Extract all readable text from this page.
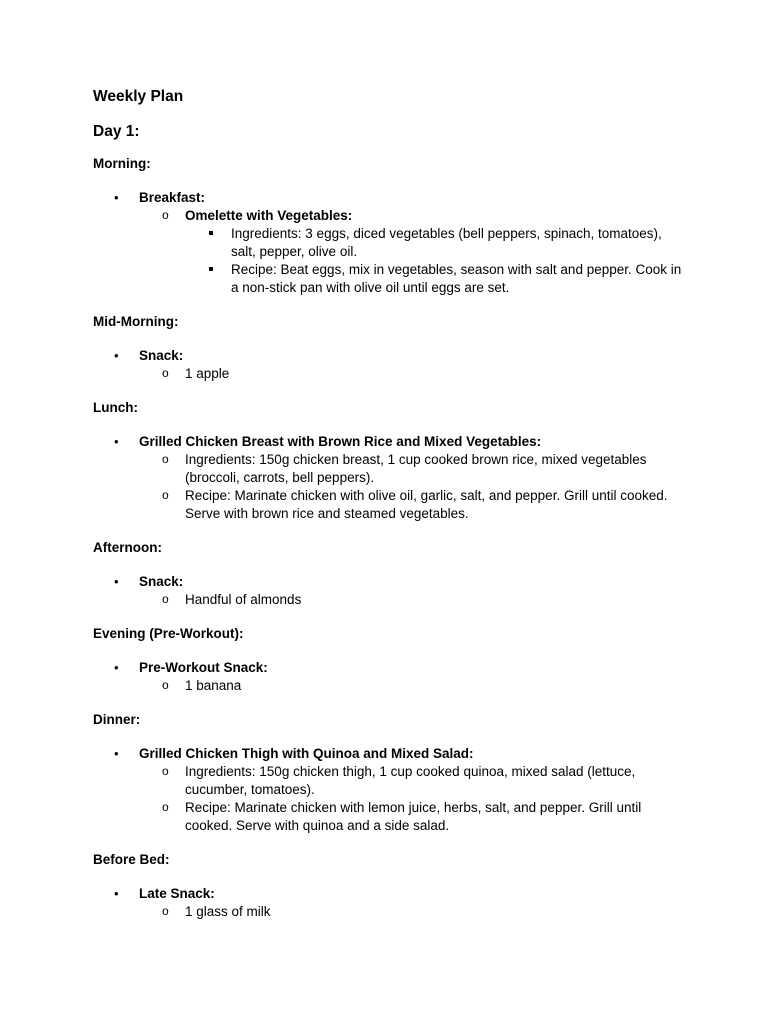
Weekly Plan
Day 1:
Morning:
• Breakfast:
o Omelette with Vegetables:
Ingredients: 3 eggs, diced vegetables (bell peppers, spinach, tomatoes), salt, pepper, olive oil.
Recipe: Beat eggs, mix in vegetables, season with salt and pepper. Cook in a non-stick pan with olive oil until eggs are set.
Mid-Morning:
• Snack:
o 1 apple
Lunch:
• Grilled Chicken Breast with Brown Rice and Mixed Vegetables:
o Ingredients: 150g chicken breast, 1 cup cooked brown rice, mixed vegetables (broccoli, carrots, bell peppers).
o Recipe: Marinate chicken with olive oil, garlic, salt, and pepper. Grill until cooked. Serve with brown rice and steamed vegetables.
Afternoon:
• Snack:
o Handful of almonds
Evening (Pre-Workout):
• Pre-Workout Snack:
o 1 banana
Dinner:
• Grilled Chicken Thigh with Quinoa and Mixed Salad:
o Ingredients: 150g chicken thigh, 1 cup cooked quinoa, mixed salad (lettuce, cucumber, tomatoes).
o Recipe: Marinate chicken with lemon juice, herbs, salt, and pepper. Grill until cooked. Serve with quinoa and a side salad.
Before Bed:
• Late Snack:
o 1 glass of milk
